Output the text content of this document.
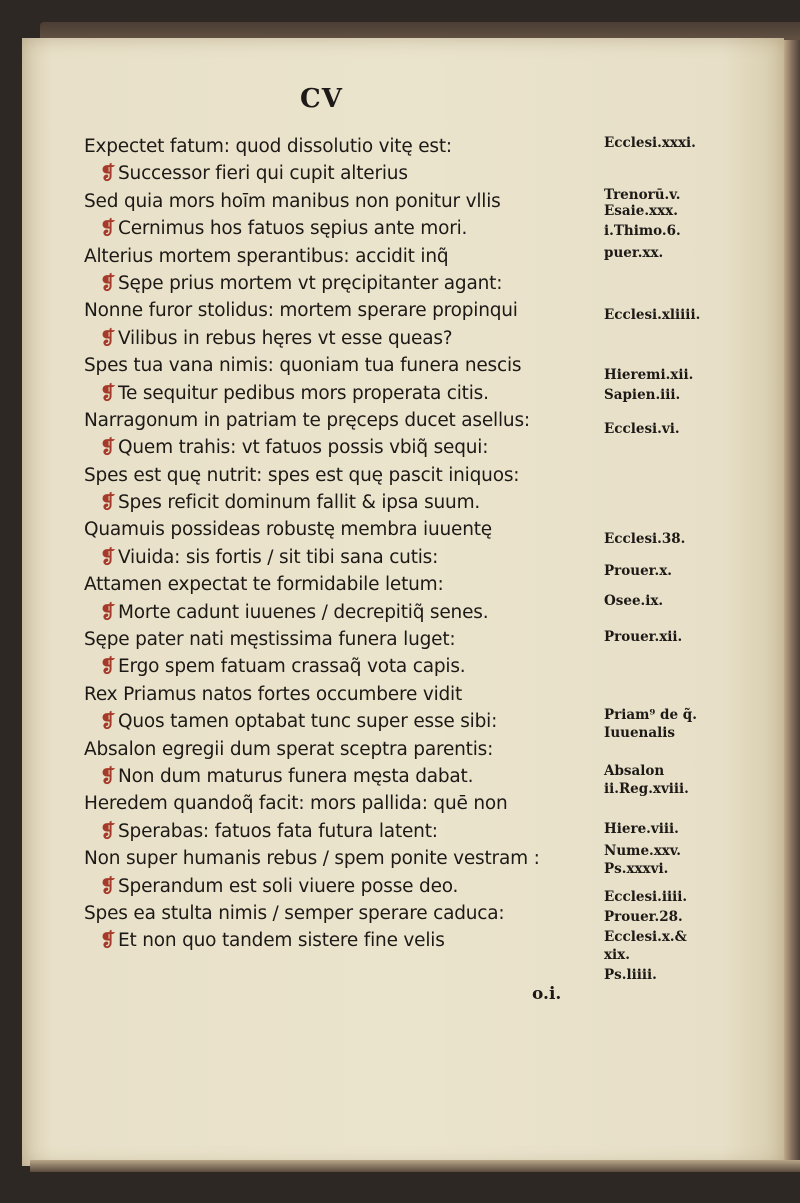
CV
Expectet fatum: quod dissolutio vitę est:
❡ Successor fieri qui cupit alterius
Sed quia mors hoīm manibus non ponitur vllis
❡ Cernimus hos fatuos sępius ante mori.
Alterius mortem sperantibus: accidit inq̃
❡ Sępe prius mortem vt pręcipitanter agant:
Nonne furor stolidus: mortem sperare propinqui
❡ Vilibus in rebus hęres vt esse queas?
Spes tua vana nimis: quoniam tua funera nescis
❡ Te sequitur pedibus mors properata citis.
Narragonum in patriam te pręceps ducet asellus:
❡ Quem trahis: vt fatuos possis vbiq̃ sequi:
Spes est quę nutrit: spes est quę pascit iniquos:
❡ Spes reficit dominum fallit & ipsa suum.
Quamuis possideas robustę membra iuuentę
❡ Viuida: sis fortis / sit tibi sana cutis:
Attamen expectat te formidabile letum:
❡ Morte cadunt iuuenes / decrepitiq̃ senes.
Sępe pater nati męstissima funera luget:
❡ Ergo spem fatuam crassaq̃ vota capis.
Rex Priamus natos fortes occumbere vidit
❡ Quos tamen optabat tunc super esse sibi:
Absalon egregii dum sperat sceptra parentis:
❡ Non dum maturus funera męsta dabat.
Heredem quandoq̃ facit: mors pallida: quē non
❡ Sperabas: fatuos fata futura latent:
Non super humanis rebus / spem ponite vestram :
❡ Sperandum est soli viuere posse deo.
Spes ea stulta nimis / semper sperare caduca:
❡ Et non quo tandem sistere fine velis
Ecclesi.xxxi.
Trenorū.v.
Esaie.xxx.
i.Thimo.6.
puer.xx.
Ecclesi.xliiii.
Hieremi.xii.
Sapien.iii.
Ecclesi.vi.
Ecclesi.38.
Prouer.x.
Osee.ix.
Prouer.xii.
Priam⁹ de q̃.
Iuuenalis
Absalon
ii.Reg.xviii.
Hiere.viii.
Nume.xxv.
Ps.xxxvi.
Ecclesi.iiii.
Prouer.28.
Ecclesi.x.&
xix.
Ps.liiii.
o.i.
